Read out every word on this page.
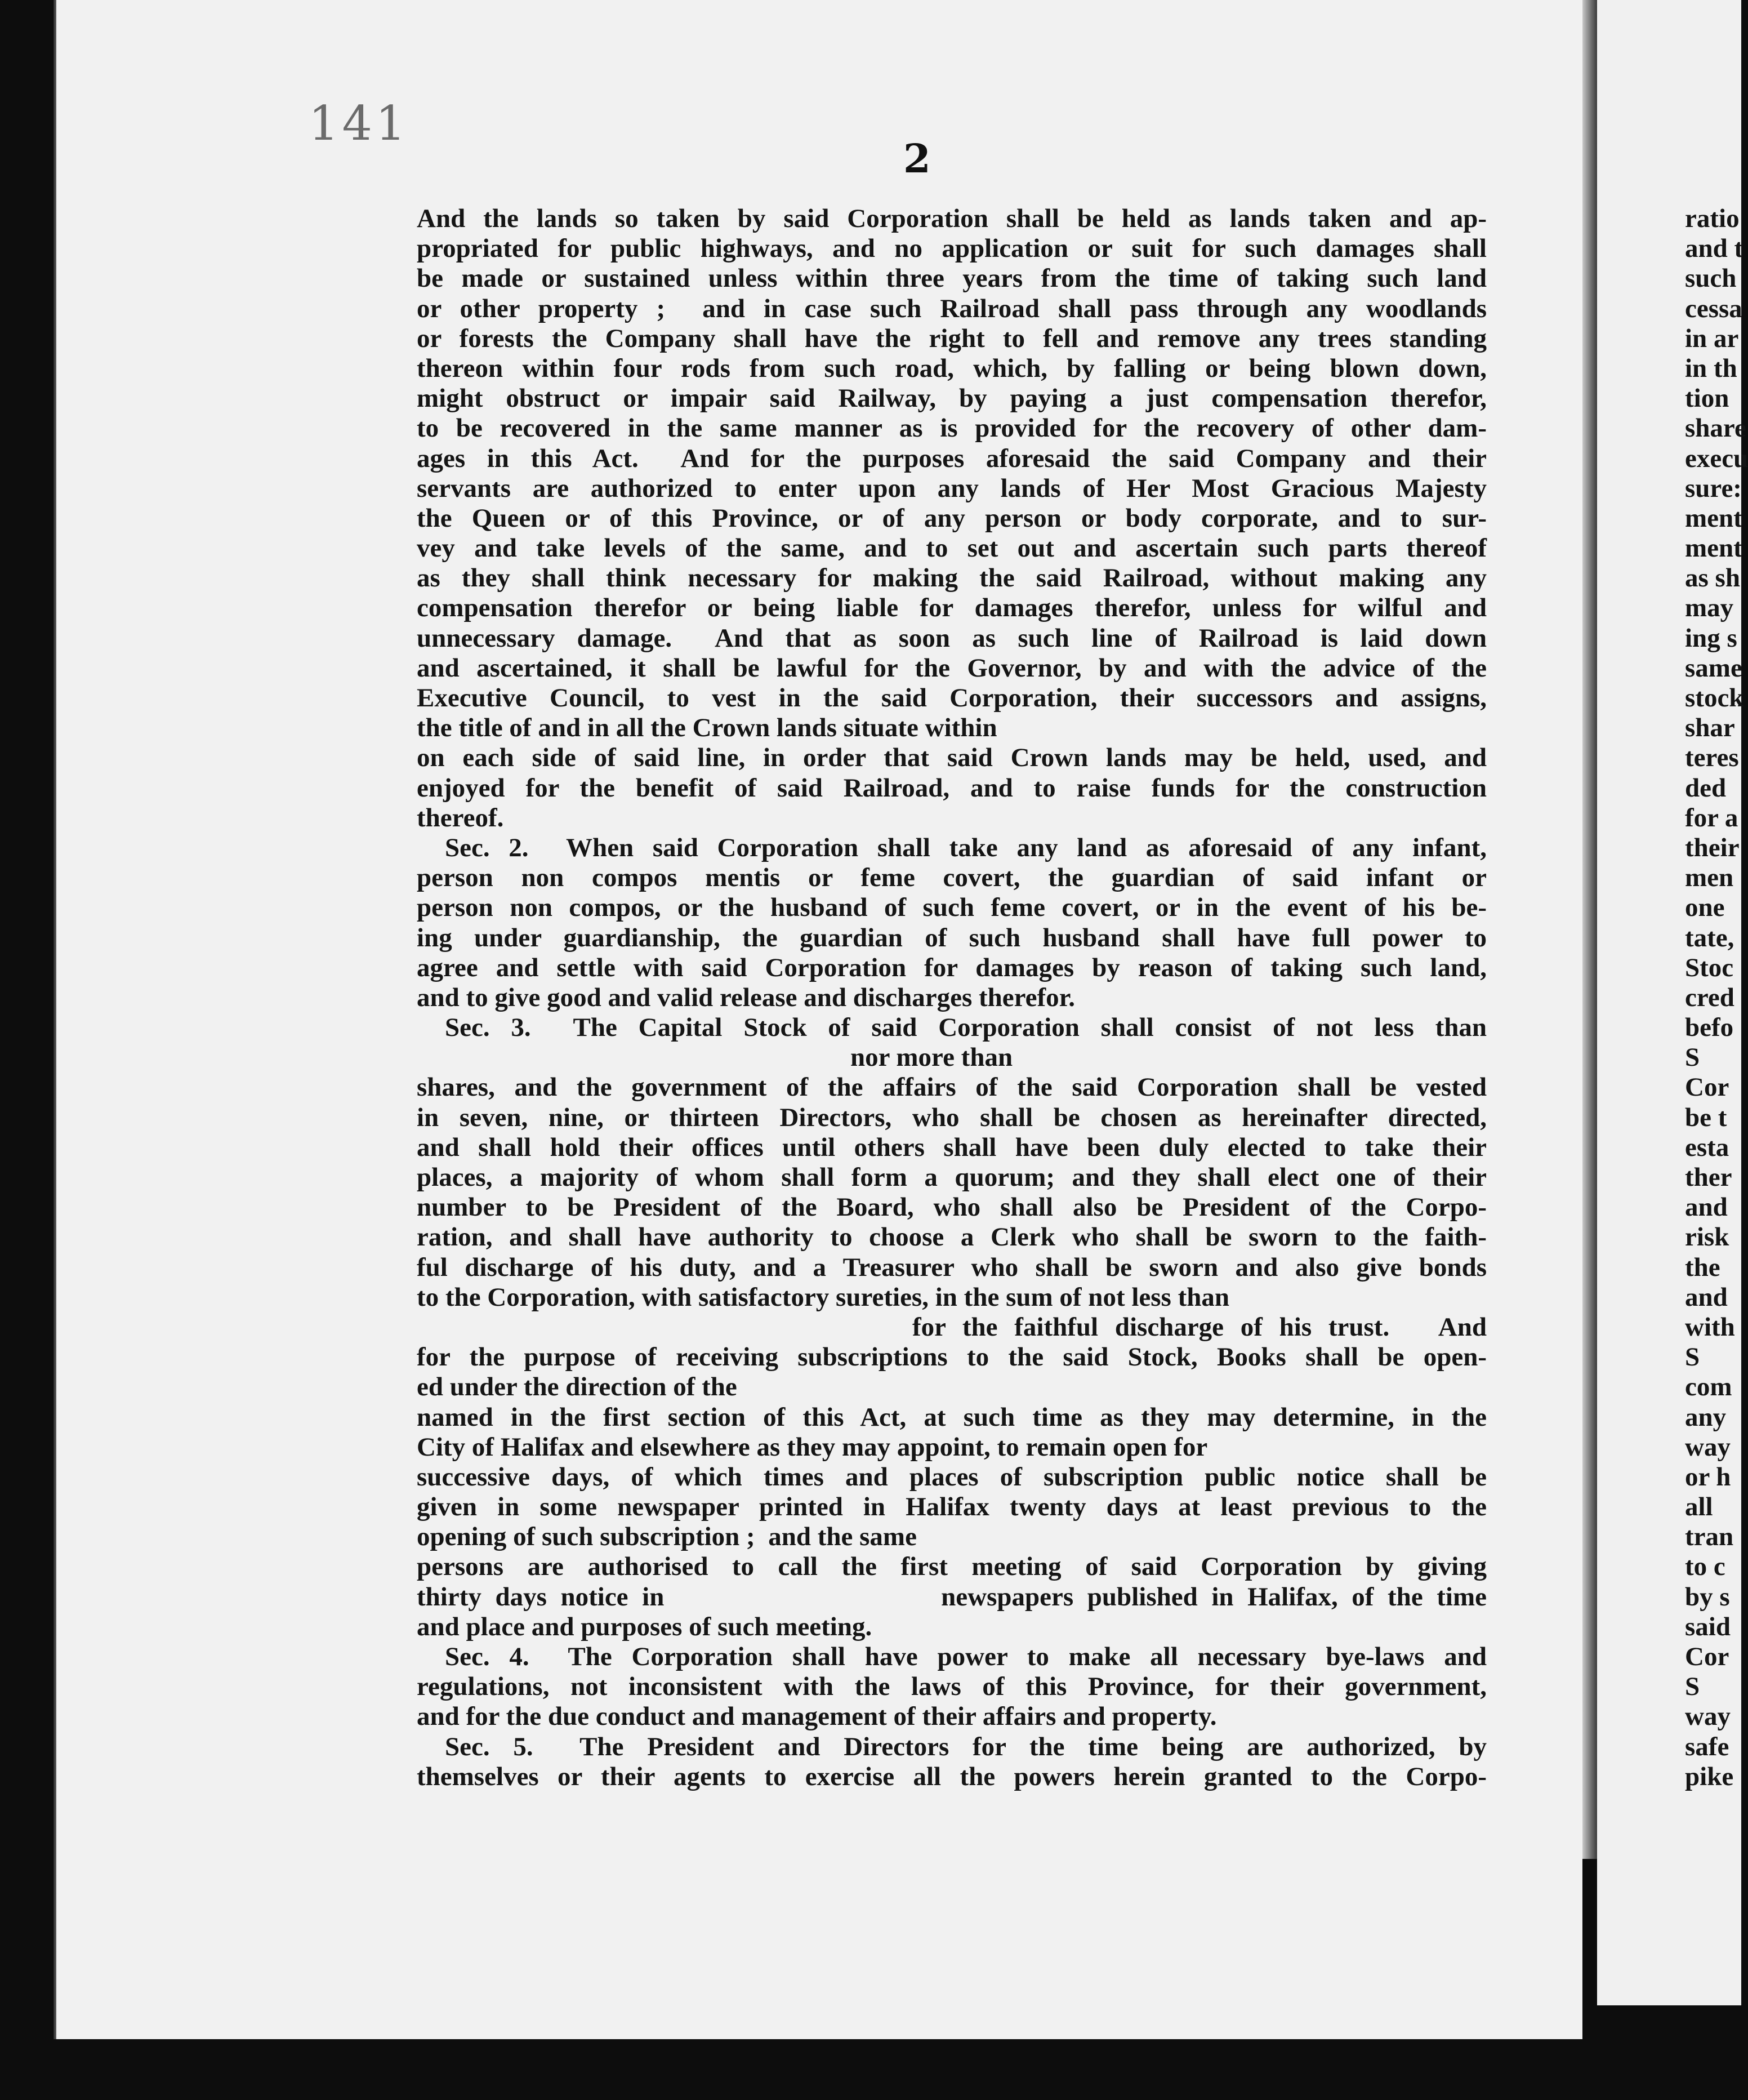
141

2

And the lands so taken by said Corporation shall be held as lands taken and ap-
propriated for public highways, and no application or suit for such damages shall
be made or sustained unless within three years from the time of taking such land
or other property ;  and in case such Railroad shall pass through any woodlands
or forests the Company shall have the right to fell and remove any trees standing
thereon within four rods from such road, which, by falling or being blown down,
might obstruct or impair said Railway, by paying a just compensation therefor,
to be recovered in the same manner as is provided for the recovery of other dam-
ages in this Act.  And for the purposes aforesaid the said Company and their
servants are authorized to enter upon any lands of Her Most Gracious Majesty
the Queen or of this Province, or of any person or body corporate, and to sur-
vey and take levels of the same, and to set out and ascertain such parts thereof
as they shall think necessary for making the said Railroad, without making any
compensation therefor or being liable for damages therefor, unless for wilful and
unnecessary damage.  And that as soon as such line of Railroad is laid down
and ascertained, it shall be lawful for the Governor, by and with the advice of the
Executive Council, to vest in the said Corporation, their successors and assigns,
the title of and in all the Crown lands situate within
on each side of said line, in order that said Crown lands may be held, used, and
enjoyed for the benefit of said Railroad, and to raise funds for the construction
thereof.
Sec. 2.  When said Corporation shall take any land as aforesaid of any infant,
person non compos mentis or feme covert, the guardian of said infant or
person non compos, or the husband of such feme covert, or in the event of his be-
ing under guardianship, the guardian of such husband shall have full power to
agree and settle with said Corporation for damages by reason of taking such land,
and to give good and valid release and discharges therefor.
Sec. 3.  The Capital Stock of said Corporation shall consist of not less than
nor more than
shares, and the government of the affairs of the said Corporation shall be vested
in seven, nine, or thirteen Directors, who shall be chosen as hereinafter directed,
and shall hold their offices until others shall have been duly elected to take their
places, a majority of whom shall form a quorum; and they shall elect one of their
number to be President of the Board, who shall also be President of the Corpo-
ration, and shall have authority to choose a Clerk who shall be sworn to the faith-
ful discharge of his duty, and a Treasurer who shall be sworn and also give bonds
to the Corporation, with satisfactory sureties, in the sum of not less than
for the faithful discharge of his trust.   And
for the purpose of receiving subscriptions to the said Stock, Books shall be open-
ed under the direction of the
named in the first section of this Act, at such time as they may determine, in the
City of Halifax and elsewhere as they may appoint, to remain open for
successive days, of which times and places of subscription public notice shall be
given in some newspaper printed in Halifax twenty days at least previous to the
opening of such subscription ;  and the same
persons are authorised to call the first meeting of said Corporation by giving
thirty days notice in                    newspapers published in Halifax, of the time
and place and purposes of such meeting.
Sec. 4.  The Corporation shall have power to make all necessary bye-laws and
regulations, not inconsistent with the laws of this Province, for their government,
and for the due conduct and management of their affairs and property.
Sec. 5.  The President and Directors for the time being are authorized, by
themselves or their agents to exercise all the powers herein granted to the Corpo-
ratio
and t
such
cessa
in ar
in th
tion
share
execu
sure:
ment
ment
as sh
may
ing s
same
stock
shar
teres
ded
for a
their
men
one
tate,
Stoc
cred
befo
S
Cor
be t
esta
ther
and
risk
the
and
with
S
com
any
way
or h
all
tran
to c
by s
said
Cor
S
way
safe
pike
